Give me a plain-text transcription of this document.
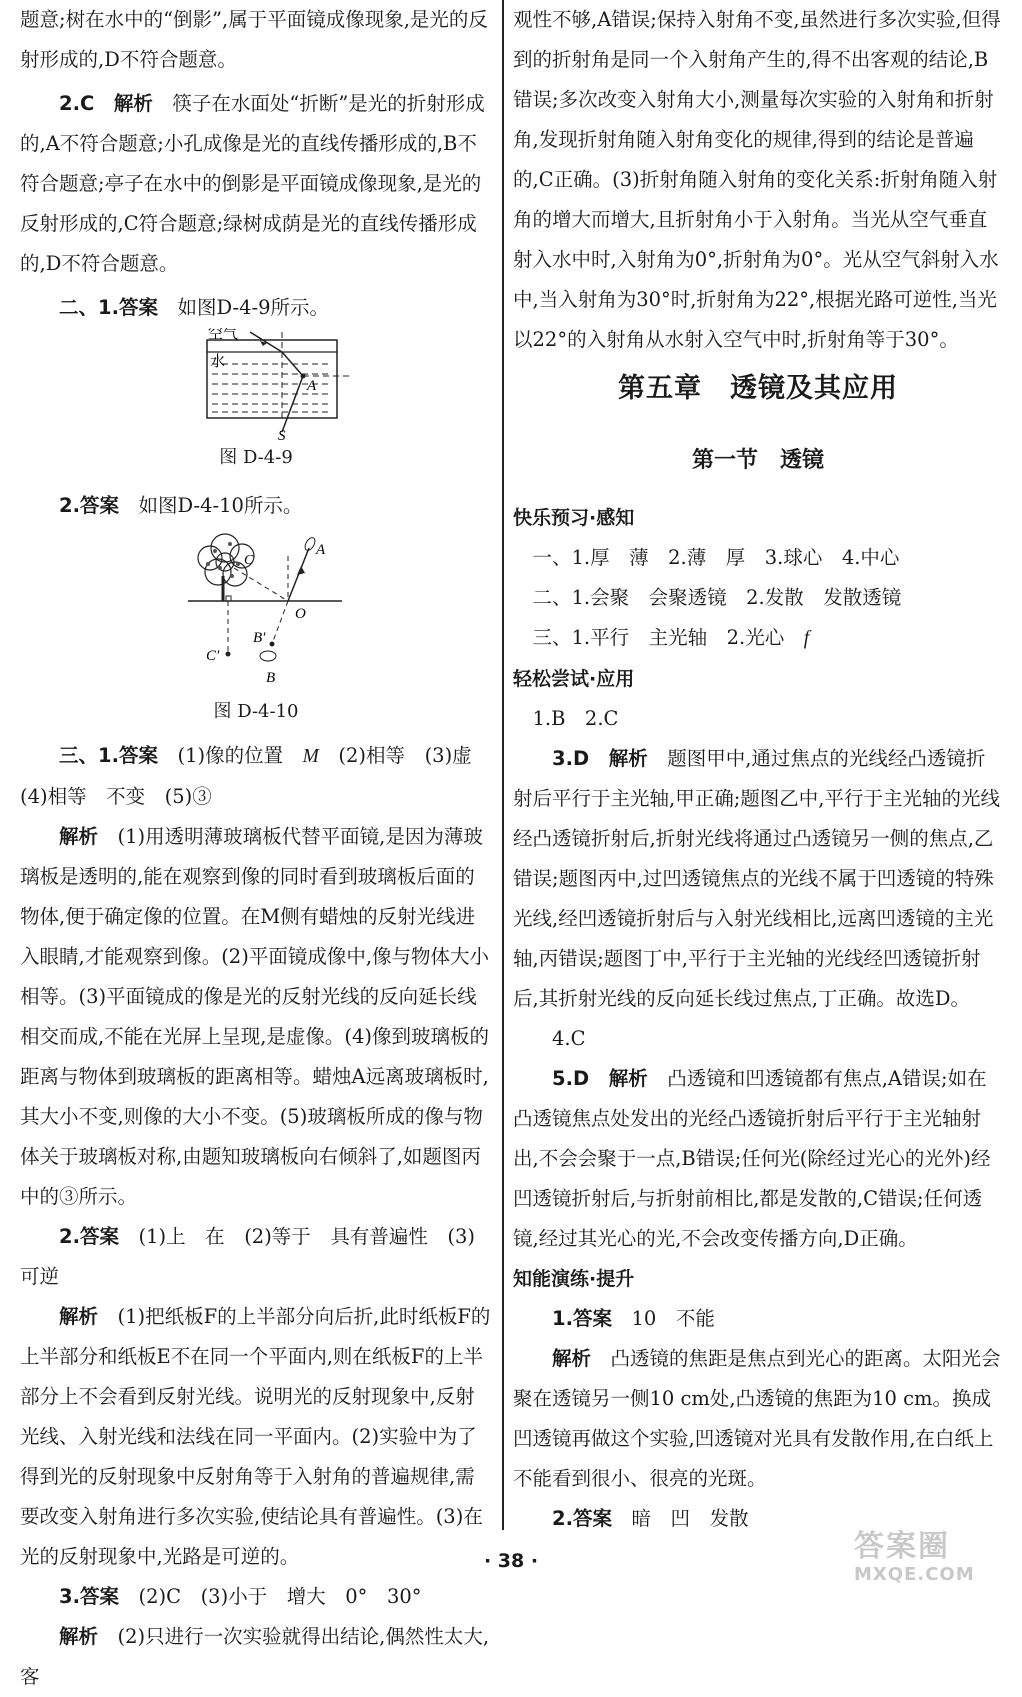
题意;树在水中的“倒影”,属于平面镜成像现象,是光的反射形成的,D不符合题意。

2.C　 解析　 筷子在水面处“折断”是光的折射形成的,A不符合题意;小孔成像是光的直线传播形成的,B不符合题意;亭子在水中的倒影是平面镜成像现象,是光的反射形成的,C符合题意;绿树成荫是光的直线传播形成的,D不符合题意。

二、1.答案　 如图D-4-9所示。

空气
水
A
S

图 D-4-9

2.答案　 如图D-4-10所示。

A
O
B′
B
C
C′

图 D-4-10

三、1.答案　 (1)像的位置　 M　 (2)相等　 (3)虚

(4)相等　 不变　 (5)③

解析　 (1)用透明薄玻璃板代替平面镜,是因为薄玻璃板是透明的,能在观察到像的同时看到玻璃板后面的物体,便于确定像的位置。在M侧有蜡烛的反射光线进入眼睛,才能观察到像。(2)平面镜成像中,像与物体大小相等。(3)平面镜成的像是光的反射光线的反向延长线相交而成,不能在光屏上呈现,是虚像。(4)像到玻璃板的距离与物体到玻璃板的距离相等。蜡烛A远离玻璃板时,其大小不变,则像的大小不变。(5)玻璃板所成的像与物体关于玻璃板对称,由题知玻璃板向右倾斜了,如题图丙中的③所示。

2.答案　 (1)上　 在　 (2)等于　 具有普遍性　 (3)可逆

解析　 (1)把纸板F的上半部分向后折,此时纸板F的上半部分和纸板E不在同一个平面内,则在纸板F的上半部分上不会看到反射光线。说明光的反射现象中,反射光线、入射光线和法线在同一平面内。(2)实验中为了得到光的反射现象中反射角等于入射角的普遍规律,需要改变入射角进行多次实验,使结论具有普遍性。(3)在光的反射现象中,光路是可逆的。

3.答案　 (2)C　 (3)小于　 增大　 0°　 30°

解析　 (2)只进行一次实验就得出结论,偶然性太大,客

观性不够,A错误;保持入射角不变,虽然进行多次实验,但得到的折射角是同一个入射角产生的,得不出客观的结论,B错误;多次改变入射角大小,测量每次实验的入射角和折射角,发现折射角随入射角变化的规律,得到的结论是普遍的,C正确。(3)折射角随入射角的变化关系:折射角随入射角的增大而增大,且折射角小于入射角。当光从空气垂直射入水中时,入射角为0°,折射角为0°。光从空气斜射入水中,当入射角为30°时,折射角为22°,根据光路可逆性,当光以22°的入射角从水射入空气中时,折射角等于30°。

第五章　透镜及其应用
第一节　透镜

快乐预习·感知

一、1.厚　薄　2.薄　厚　3.球心　4.中心

二、1.会聚　会聚透镜　2.发散　发散透镜

三、1.平行　主光轴　2.光心　 f

轻松尝试·应用

1.B　2.C

3.D　 解析　 题图甲中,通过焦点的光线经凸透镜折射后平行于主光轴,甲正确;题图乙中,平行于主光轴的光线经凸透镜折射后,折射光线将通过凸透镜另一侧的焦点,乙错误;题图丙中,过凹透镜焦点的光线不属于凹透镜的特殊光线,经凹透镜折射后与入射光线相比,远离凹透镜的主光轴,丙错误;题图丁中,平行于主光轴的光线经凹透镜折射后,其折射光线的反向延长线过焦点,丁正确。故选D。

4.C

5.D　 解析　 凸透镜和凹透镜都有焦点,A错误;如在凸透镜焦点处发出的光经凸透镜折射后平行于主光轴射出,不会会聚于一点,B错误;任何光(除经过光心的光外)经凹透镜折射后,与折射前相比,都是发散的,C错误;任何透镜,经过其光心的光,不会改变传播方向,D正确。

知能演练·提升

1.答案　 10　 不能

解析　 凸透镜的焦距是焦点到光心的距离。太阳光会聚在透镜另一侧10 cm处,凸透镜的焦距为10 cm。换成凹透镜再做这个实验,凹透镜对光具有发散作用,在白纸上不能看到很小、很亮的光斑。

2.答案　 暗　 凹　 发散

· 38 ·	答案圈
MXQE.COM
